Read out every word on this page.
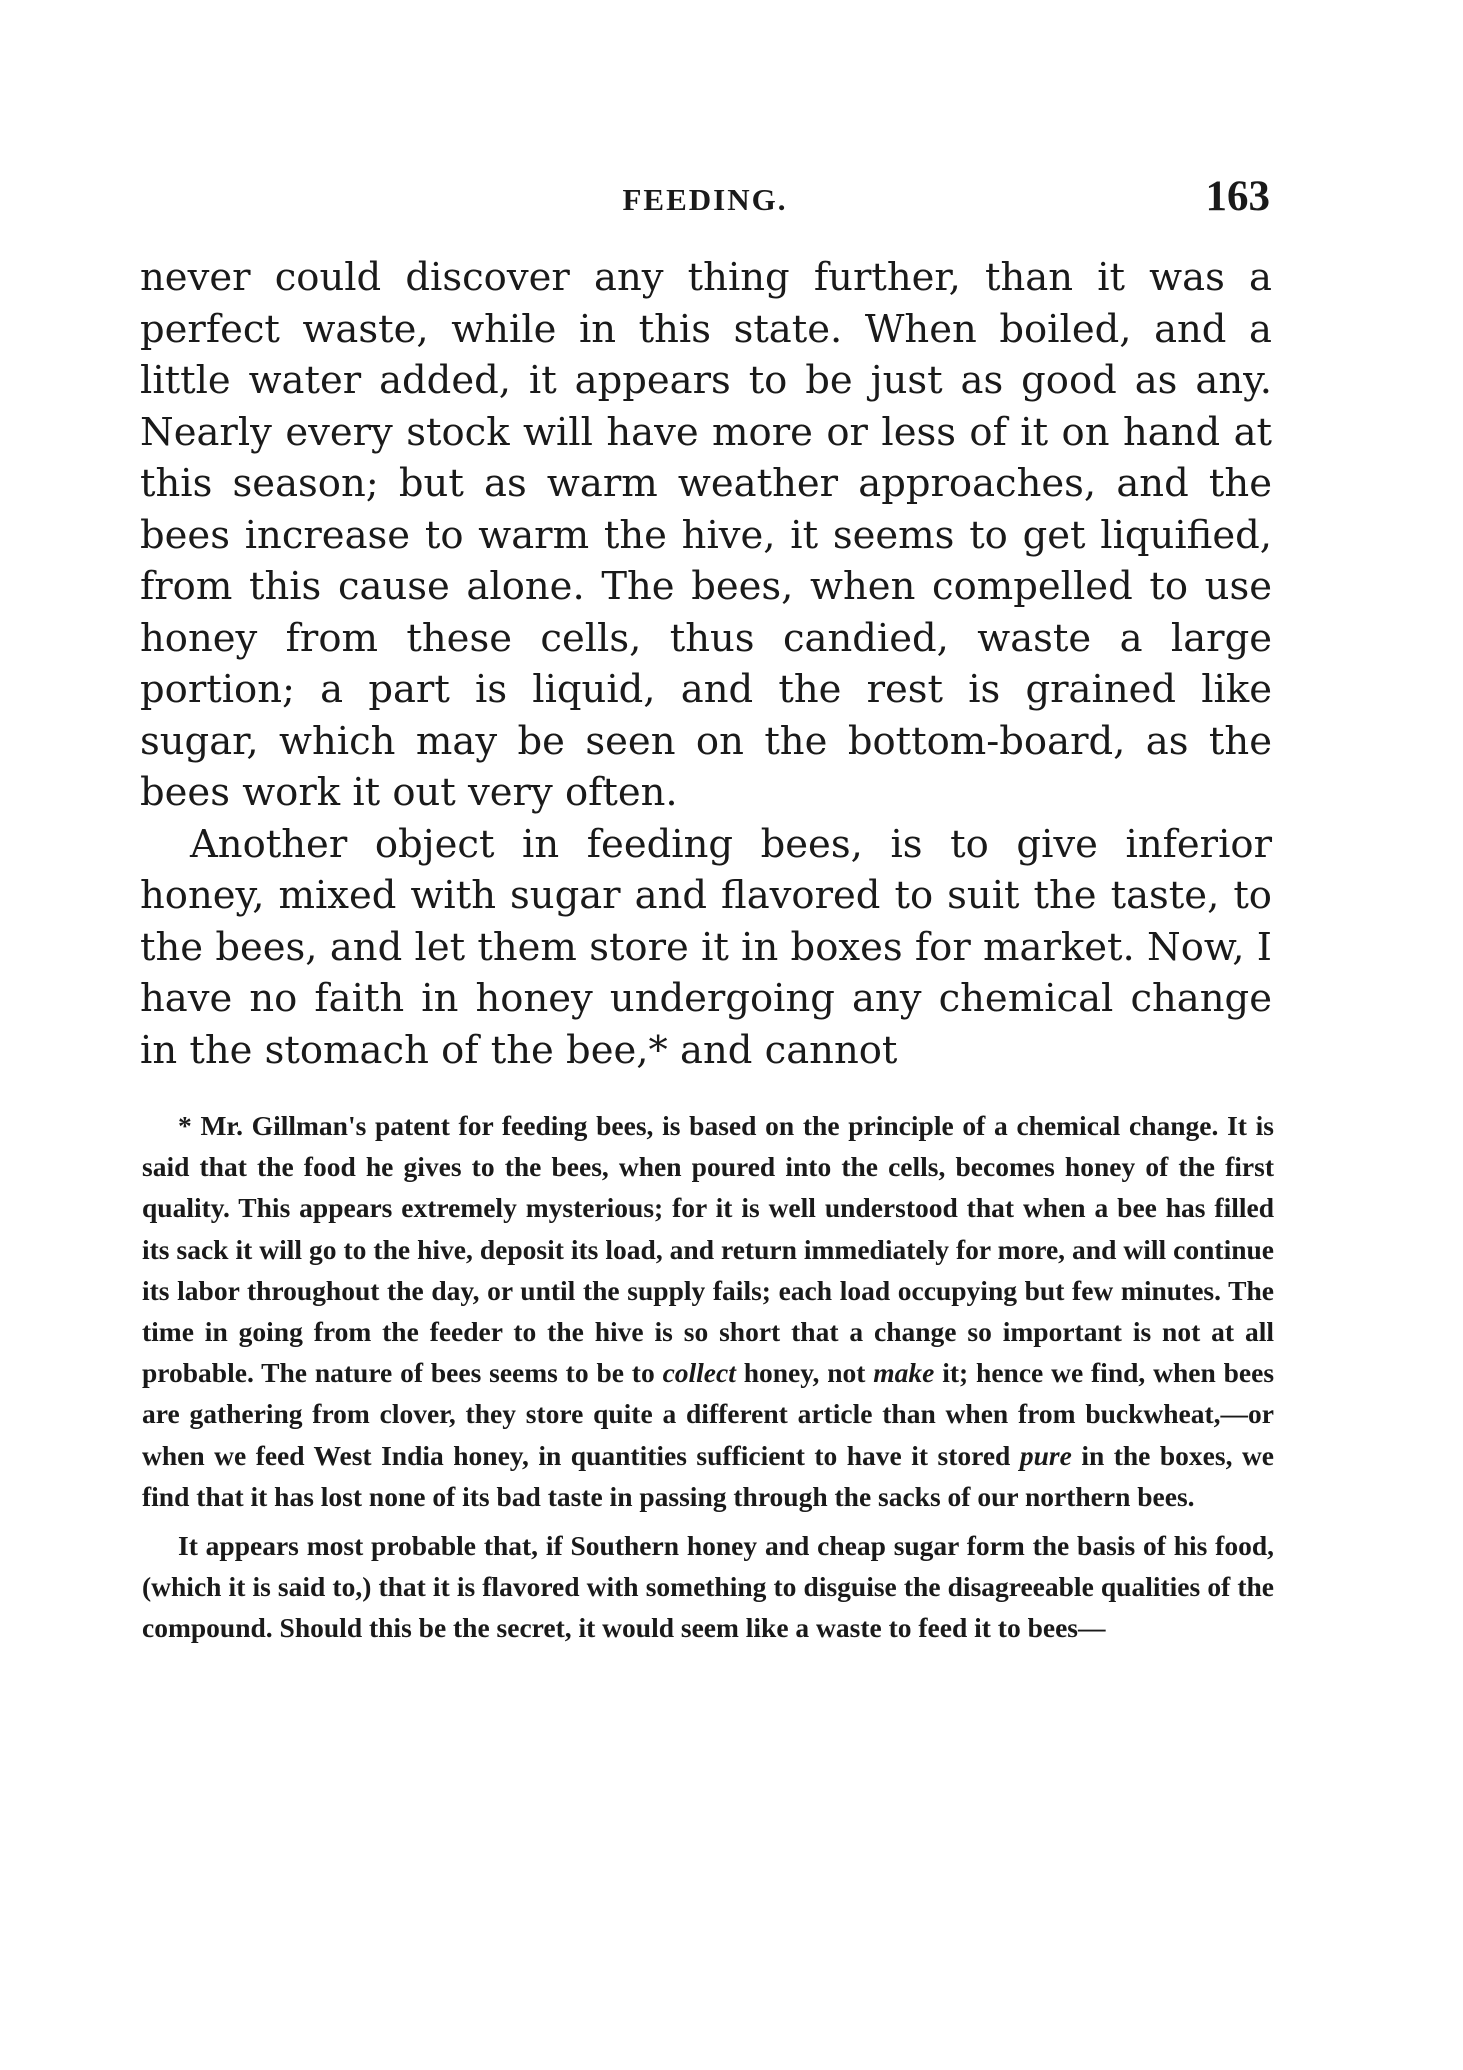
FEEDING.	163

never could discover any thing further, than it was a perfect waste, while in this state. When boiled, and a little water added, it appears to be just as good as any. Nearly every stock will have more or less of it on hand at this season; but as warm weather approaches, and the bees increase to warm the hive, it seems to get liquified, from this cause alone. The bees, when compelled to use honey from these cells, thus candied, waste a large portion; a part is liquid, and the rest is grained like sugar, which may be seen on the bottom-board, as the bees work it out very often.

Another object in feeding bees, is to give inferior honey, mixed with sugar and flavored to suit the taste, to the bees, and let them store it in boxes for market. Now, I have no faith in honey undergoing any chemical change in the stomach of the bee,* and cannot

* Mr. Gillman's patent for feeding bees, is based on the principle of a chemical change. It is said that the food he gives to the bees, when poured into the cells, becomes honey of the first quality. This appears extremely mysterious; for it is well understood that when a bee has filled its sack it will go to the hive, deposit its load, and return immediately for more, and will continue its labor throughout the day, or until the supply fails; each load occupying but few minutes. The time in going from the feeder to the hive is so short that a change so important is not at all probable. The nature of bees seems to be to collect honey, not make it; hence we find, when bees are gathering from clover, they store quite a different article than when from buckwheat,—or when we feed West India honey, in quantities sufficient to have it stored pure in the boxes, we find that it has lost none of its bad taste in passing through the sacks of our northern bees.

It appears most probable that, if Southern honey and cheap sugar form the basis of his food, (which it is said to,) that it is flavored with something to disguise the disagreeable qualities of the compound. Should this be the secret, it would seem like a waste to feed it to bees—
